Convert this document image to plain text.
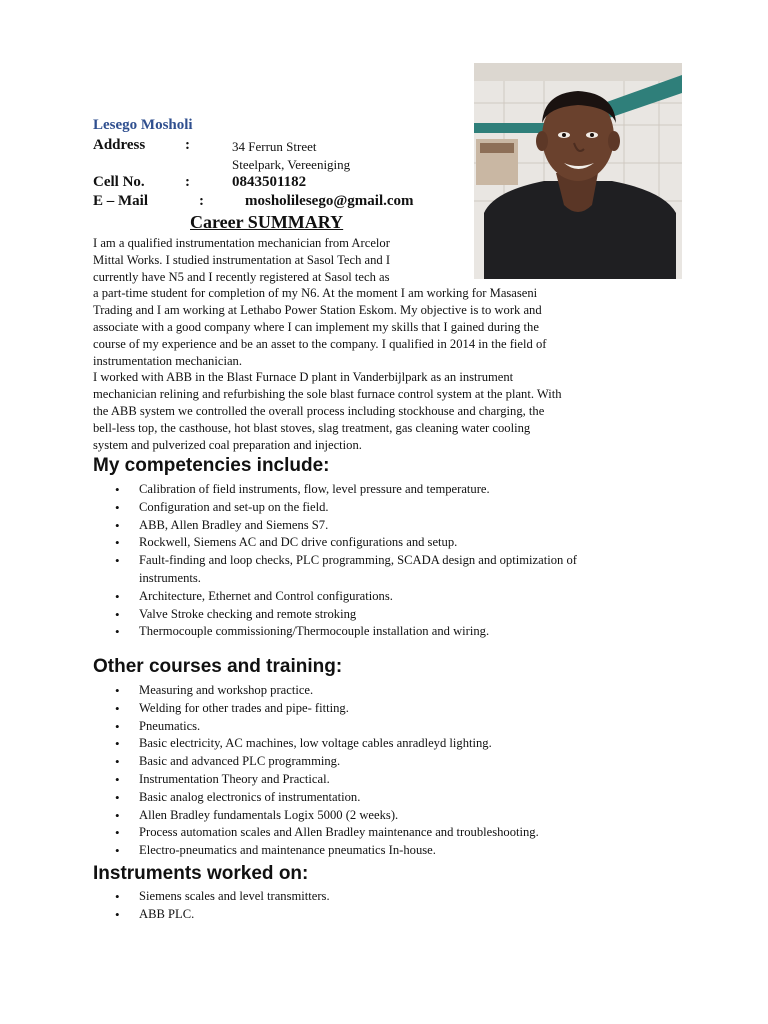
Lesego Mosholi
Address	:	34 Ferrun Street
Steelpark, Vereeniging
Cell No.	:	0843501182
E – Mail	:	mosholilesego@gmail.com
Career SUMMARY
I am a qualified instrumentation mechanician from Arcelor
Mittal Works. I studied instrumentation at Sasol Tech and I
currently have N5 and I recently registered at Sasol tech as
a part-time student for completion of my N6. At the moment I am working for Masaseni
Trading and I am working at Lethabo Power Station Eskom. My objective is to work and
associate with a good company where I can implement my skills that I gained during the
course of my experience and be an asset to the company. I qualified in 2014 in the field of
instrumentation mechanician.
I worked with ABB in the Blast Furnace D plant in Vanderbijlpark as an instrument
mechanician relining and refurbishing the sole blast furnace control system at the plant. With
the ABB system we controlled the overall process including stockhouse and charging, the
bell-less top, the casthouse, hot blast stoves, slag treatment, gas cleaning water cooling
system and pulverized coal preparation and injection.
My competencies include:
• Calibration of field instruments, flow, level pressure and temperature.
• Configuration and set-up on the field.
• ABB, Allen Bradley and Siemens S7.
• Rockwell, Siemens AC and DC drive configurations and setup.
• Fault-finding and loop checks, PLC programming, SCADA design and optimization of instruments.
• Architecture, Ethernet and Control configurations.
• Valve Stroke checking and remote stroking
• Thermocouple commissioning/Thermocouple installation and wiring.
Other courses and training:
• Measuring and workshop practice.
• Welding for other trades and pipe- fitting.
• Pneumatics.
• Basic electricity, AC machines, low voltage cables anradleyd lighting.
• Basic and advanced PLC programming.
• Instrumentation Theory and Practical.
• Basic analog electronics of instrumentation.
• Allen Bradley fundamentals Logix 5000 (2 weeks).
• Process automation scales and Allen Bradley maintenance and troubleshooting.
• Electro-pneumatics and maintenance pneumatics In-house.
Instruments worked on:
• Siemens scales and level transmitters.
• ABB PLC.
